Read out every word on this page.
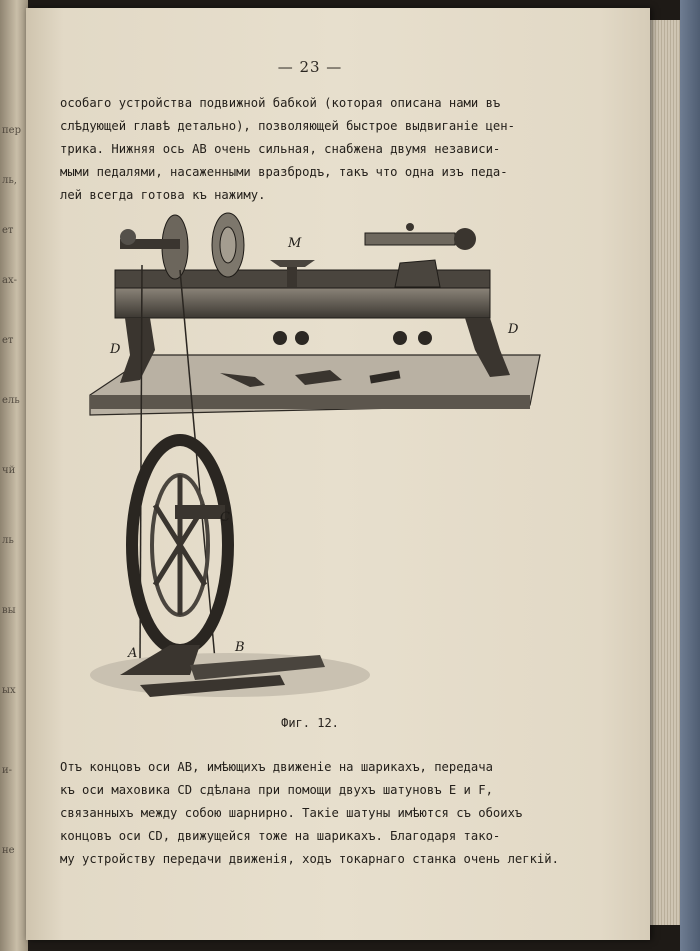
пер
ль,
ет
ах-
ет
ель
чй
ль
вы
ых
и-
не
— 23 —
особаго устройства подвижной бабкой (которая описана нами въ
слѣдующей главѣ детально), позволяющей быстрое выдвиганіе цен-
трика. Нижняя ось AB очень сильная, снабжена двумя независи-
мыми педалями, насаженными вразбродъ, такъ что одна изъ педа-
лей всегда готова къ нажиму.
M
D
D
C
A	B
Фиг. 12.
Отъ концовъ оси AB, имѣющихъ движеніе на шарикахъ, передача
къ оси маховика CD сдѣлана при помощи двухъ шатуновъ E и F,
связанныхъ между собою шарнирно. Такіе шатуны имѣются съ обоихъ
концовъ оси CD, движущейся тоже на шарикахъ. Благодаря тако-
му устройству передачи движенія, ходъ токарнаго станка очень легкій.
